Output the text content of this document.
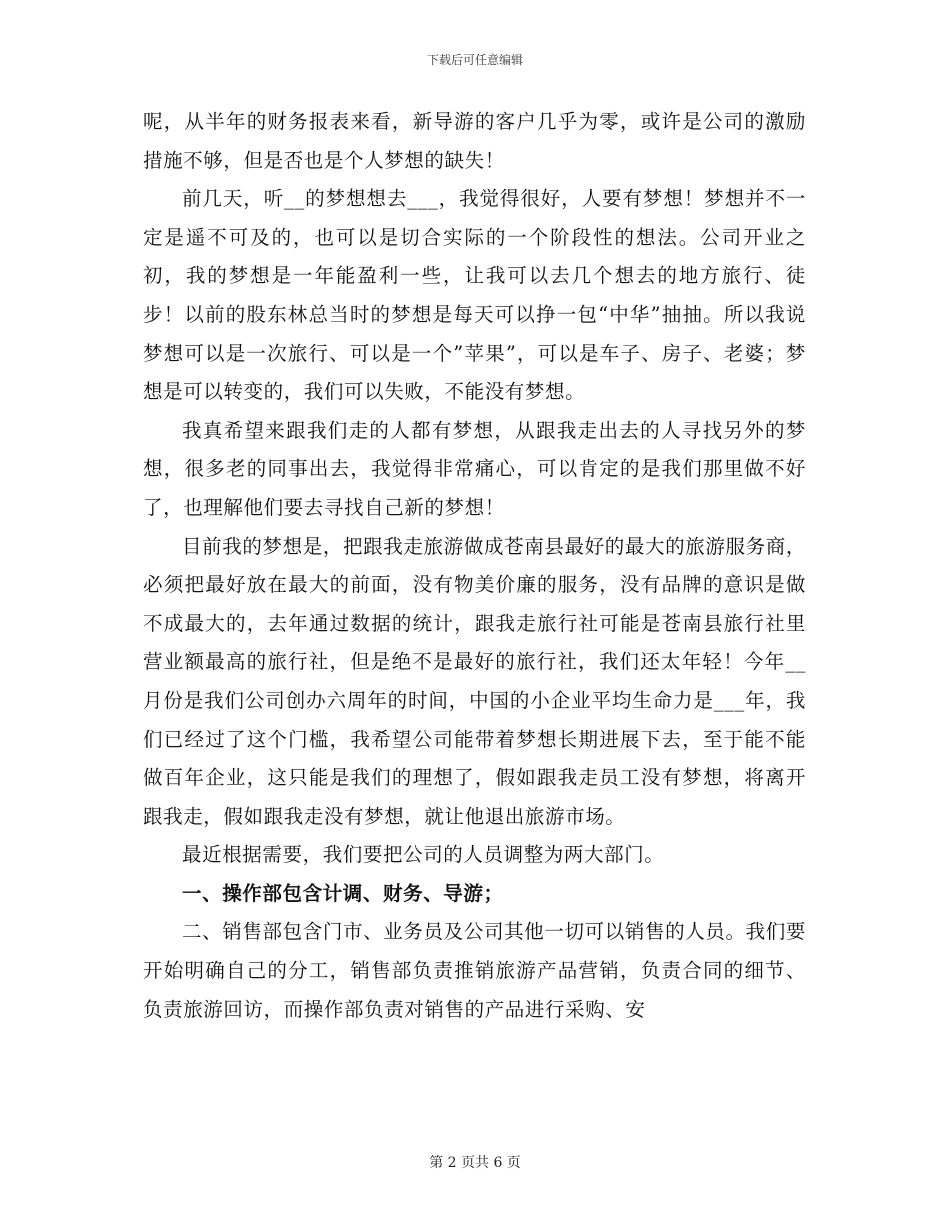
下载后可任意编辑

呢，从半年的财务报表来看，新导游的客户几乎为零，或许是公司的激励措施不够，但是否也是个人梦想的缺失！

前几天，听__的梦想想去___，我觉得很好，人要有梦想！梦想并不一定是遥不可及的，也可以是切合实际的一个阶段性的想法。公司开业之初，我的梦想是一年能盈利一些，让我可以去几个想去的地方旅行、徒步！以前的股东林总当时的梦想是每天可以挣一包“中华”抽抽。所以我说梦想可以是一次旅行、可以是一个”苹果”，可以是车子、房子、老婆；梦想是可以转变的，我们可以失败，不能没有梦想。

我真希望来跟我们走的人都有梦想，从跟我走出去的人寻找另外的梦想，很多老的同事出去，我觉得非常痛心，可以肯定的是我们那里做不好了，也理解他们要去寻找自己新的梦想！

目前我的梦想是，把跟我走旅游做成苍南县最好的最大的旅游服务商，必须把最好放在最大的前面，没有物美价廉的服务，没有品牌的意识是做不成最大的，去年通过数据的统计，跟我走旅行社可能是苍南县旅行社里营业额最高的旅行社，但是绝不是最好的旅行社，我们还太年轻！今年__月份是我们公司创办六周年的时间，中国的小企业平均生命力是___年，我们已经过了这个门槛，我希望公司能带着梦想长期进展下去，至于能不能做百年企业，这只能是我们的理想了，假如跟我走员工没有梦想，将离开跟我走，假如跟我走没有梦想，就让他退出旅游市场。

最近根据需要，我们要把公司的人员调整为两大部门。

一、操作部包含计调、财务、导游；

二、销售部包含门市、业务员及公司其他一切可以销售的人员。我们要开始明确自己的分工，销售部负责推销旅游产品营销，负责合同的细节、负责旅游回访，而操作部负责对销售的产品进行采购、安

第 2 页共 6 页
